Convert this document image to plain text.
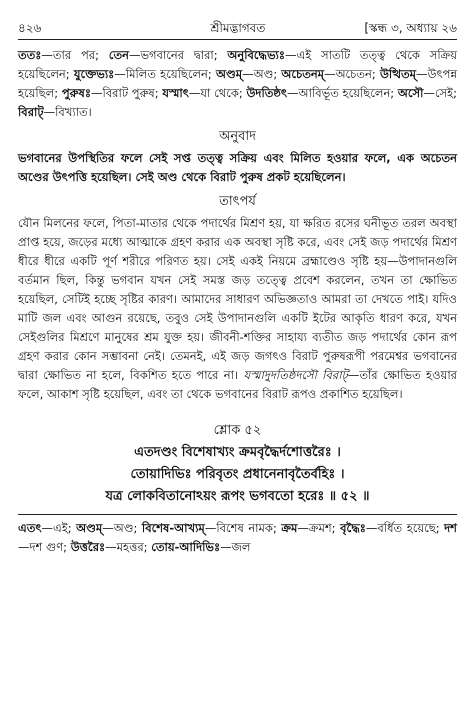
৪২৬	শ্রীমদ্ভাগবত	[স্কন্ধ ৩, অধ্যায় ২৬
ততঃ—তার পর; তেন—ভগবানের দ্বারা; অনুবিদ্ধেভ্যঃ—এই সাতটি তত্ত্ব থেকে সক্রিয় হয়েছিলেন; যুক্তেভ্যঃ—মিলিত হয়েছিলেন; অণ্ডম্—অণ্ড; অচেতনম্—অচেতন; উত্থিতম্—উৎপন্ন হয়েছিল; পুরুষঃ—বিরাট পুরুষ; যস্মাৎ—যা থেকে; উদতিষ্ঠৎ—আবির্ভূত হয়েছিলেন; অসৌ—সেই; বিরাট্—বিখ্যাত।
অনুবাদ
ভগবানের উপস্থিতির ফলে সেই সপ্ত তত্ত্ব সক্রিয় এবং মিলিত হওয়ার ফলে, এক অচেতন অণ্ডের উৎপত্তি হয়েছিল। সেই অণ্ড থেকে বিরাট পুরুষ প্রকট হয়েছিলেন।
তাৎপর্য
যৌন মিলনের ফলে, পিতা-মাতার থেকে পদার্থের মিশ্রণ হয়, যা ক্ষরিত রসের ঘনীভূত তরল অবস্থা প্রাপ্ত হয়ে, জড়ের মধ্যে আত্মাকে গ্রহণ করার এক অবস্থা সৃষ্টি করে, এবং সেই জড় পদার্থের মিশ্রণ ধীরে ধীরে একটি পূর্ণ শরীরে পরিণত হয়। সেই একই নিয়মে ব্রহ্মাণ্ডেও সৃষ্টি হয়—উপাদানগুলি বর্তমান ছিল, কিন্তু ভগবান যখন সেই সমস্ত জড় তত্ত্বে প্রবেশ করলেন, তখন তা ক্ষোভিত হয়েছিল, সেটিই হচ্ছে সৃষ্টির কারণ। আমাদের সাধারণ অভিজ্ঞতাও আমরা তা দেখতে পাই। যদিও মাটি জল এবং আগুন রয়েছে, তবুও সেই উপাদানগুলি একটি ইটের আকৃতি ধারণ করে, যখন সেইগুলির মিশ্রণে মানুষের শ্রম যুক্ত হয়। জীবনী-শক্তির সাহায্য ব্যতীত জড় পদার্থের কোন রূপ গ্রহণ করার কোন সম্ভাবনা নেই। তেমনই, এই জড় জগৎও বিরাট পুরুষরূপী পরমেশ্বর ভগবানের দ্বারা ক্ষোভিত না হলে, বিকশিত হতে পারে না। যস্মাদুদতিষ্ঠদসৌ বিরাট্—তাঁর ক্ষোভিত হওয়ার ফলে, আকাশ সৃষ্টি হয়েছিল, এবং তা থেকে ভগবানের বিরাট রূপও প্রকাশিত হয়েছিল।
শ্লোক ৫২
এতদণ্ডং বিশেষাখ্যং ক্রমবৃদ্ধৈর্দশোত্তরৈঃ ।
তোয়াদিভিঃ পরিবৃতং প্রধানেনাবৃতৈর্বহিঃ ।
যত্র লোকবিতানোঽয়ং রূপং ভগবতো হরেঃ ॥ ৫২ ॥
এতৎ—এই; অণ্ডম্—অণ্ড; বিশেষ-আখ্যম্—বিশেষ নামক; ক্রম—ক্রমশ; বৃদ্ধৈঃ—বর্ধিত হয়েছে; দশ—দশ গুণ; উত্তরৈঃ—মহত্তর; তোয়-আদিভিঃ—জল
